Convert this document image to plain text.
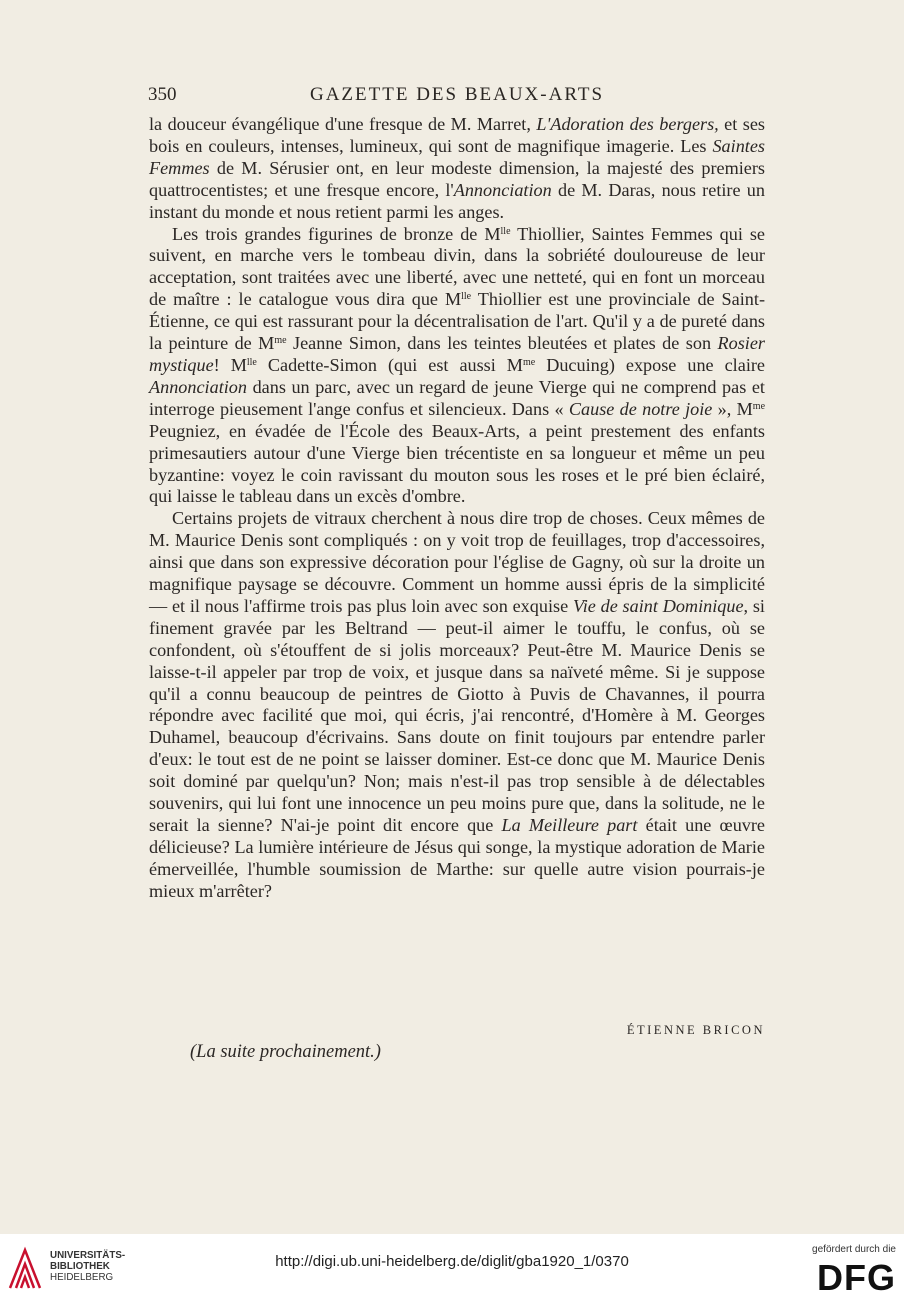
350	GAZETTE DES BEAUX-ARTS

la douceur évangélique d'une fresque de M. Marret, L'Adoration des bergers, et ses bois en couleurs, intenses, lumineux, qui sont de magnifique imagerie. Les Saintes Femmes de M. Sérusier ont, en leur modeste dimension, la majesté des premiers quattrocentistes; et une fresque encore, l'Annonciation de M. Daras, nous retire un instant du monde et nous retient parmi les anges.

Les trois grandes figurines de bronze de $M^{lle}$ Thiollier, Saintes Femmes qui se suivent, en marche vers le tombeau divin, dans la sobriété douloureuse de leur acceptation, sont traitées avec une liberté, avec une netteté, qui en font un morceau de maître : le catalogue vous dira que $M^{lle}$ Thiollier est une provinciale de Saint-Étienne, ce qui est rassurant pour la décentralisation de l'art. Qu'il y a de pureté dans la peinture de $M^{me}$ Jeanne Simon, dans les teintes bleutées et plates de son Rosier mystique! $M^{lle}$ Cadette-Simon (qui est aussi $M^{me}$ Ducuing) expose une claire Annonciation dans un parc, avec un regard de jeune Vierge qui ne comprend pas et interroge pieusement l'ange confus et silencieux. Dans « Cause de notre joie », $M^{me}$ Peugniez, en évadée de l'École des Beaux-Arts, a peint prestement des enfants primesautiers autour d'une Vierge bien trécentiste en sa longueur et même un peu byzantine: voyez le coin ravissant du mouton sous les roses et le pré bien éclairé, qui laisse le tableau dans un excès d'ombre.

Certains projets de vitraux cherchent à nous dire trop de choses. Ceux mêmes de M. Maurice Denis sont compliqués : on y voit trop de feuillages, trop d'accessoires, ainsi que dans son expressive décoration pour l'église de Gagny, où sur la droite un magnifique paysage se découvre. Comment un homme aussi épris de la simplicité — et il nous l'affirme trois pas plus loin avec son exquise Vie de saint Dominique, si finement gravée par les Beltrand — peut-il aimer le touffu, le confus, où se confondent, où s'étouffent de si jolis morceaux? Peut-être M. Maurice Denis se laisse-t-il appeler par trop de voix, et jusque dans sa naïveté même. Si je suppose qu'il a connu beaucoup de peintres de Giotto à Puvis de Chavannes, il pourra répondre avec facilité que moi, qui écris, j'ai rencontré, d'Homère à M. Georges Duhamel, beaucoup d'écrivains. Sans doute on finit toujours par entendre parler d'eux: le tout est de ne point se laisser dominer. Est-ce donc que M. Maurice Denis soit dominé par quelqu'un? Non; mais n'est-il pas trop sensible à de délectables souvenirs, qui lui font une innocence un peu moins pure que, dans la solitude, ne le serait la sienne? N'ai-je point dit encore que La Meilleure part était une œuvre délicieuse? La lumière intérieure de Jésus qui songe, la mystique adoration de Marie émerveillée, l'humble soumission de Marthe: sur quelle autre vision pourrais-je mieux m'arrêter?

ÉTIENNE BRICON
(La suite prochainement.)
UNIVERSITÄTS-
BIBLIOTHEK
HEIDELBERG
http://digi.ub.uni-heidelberg.de/diglit/gba1920_1/0370
gefördert durch die
DFG
